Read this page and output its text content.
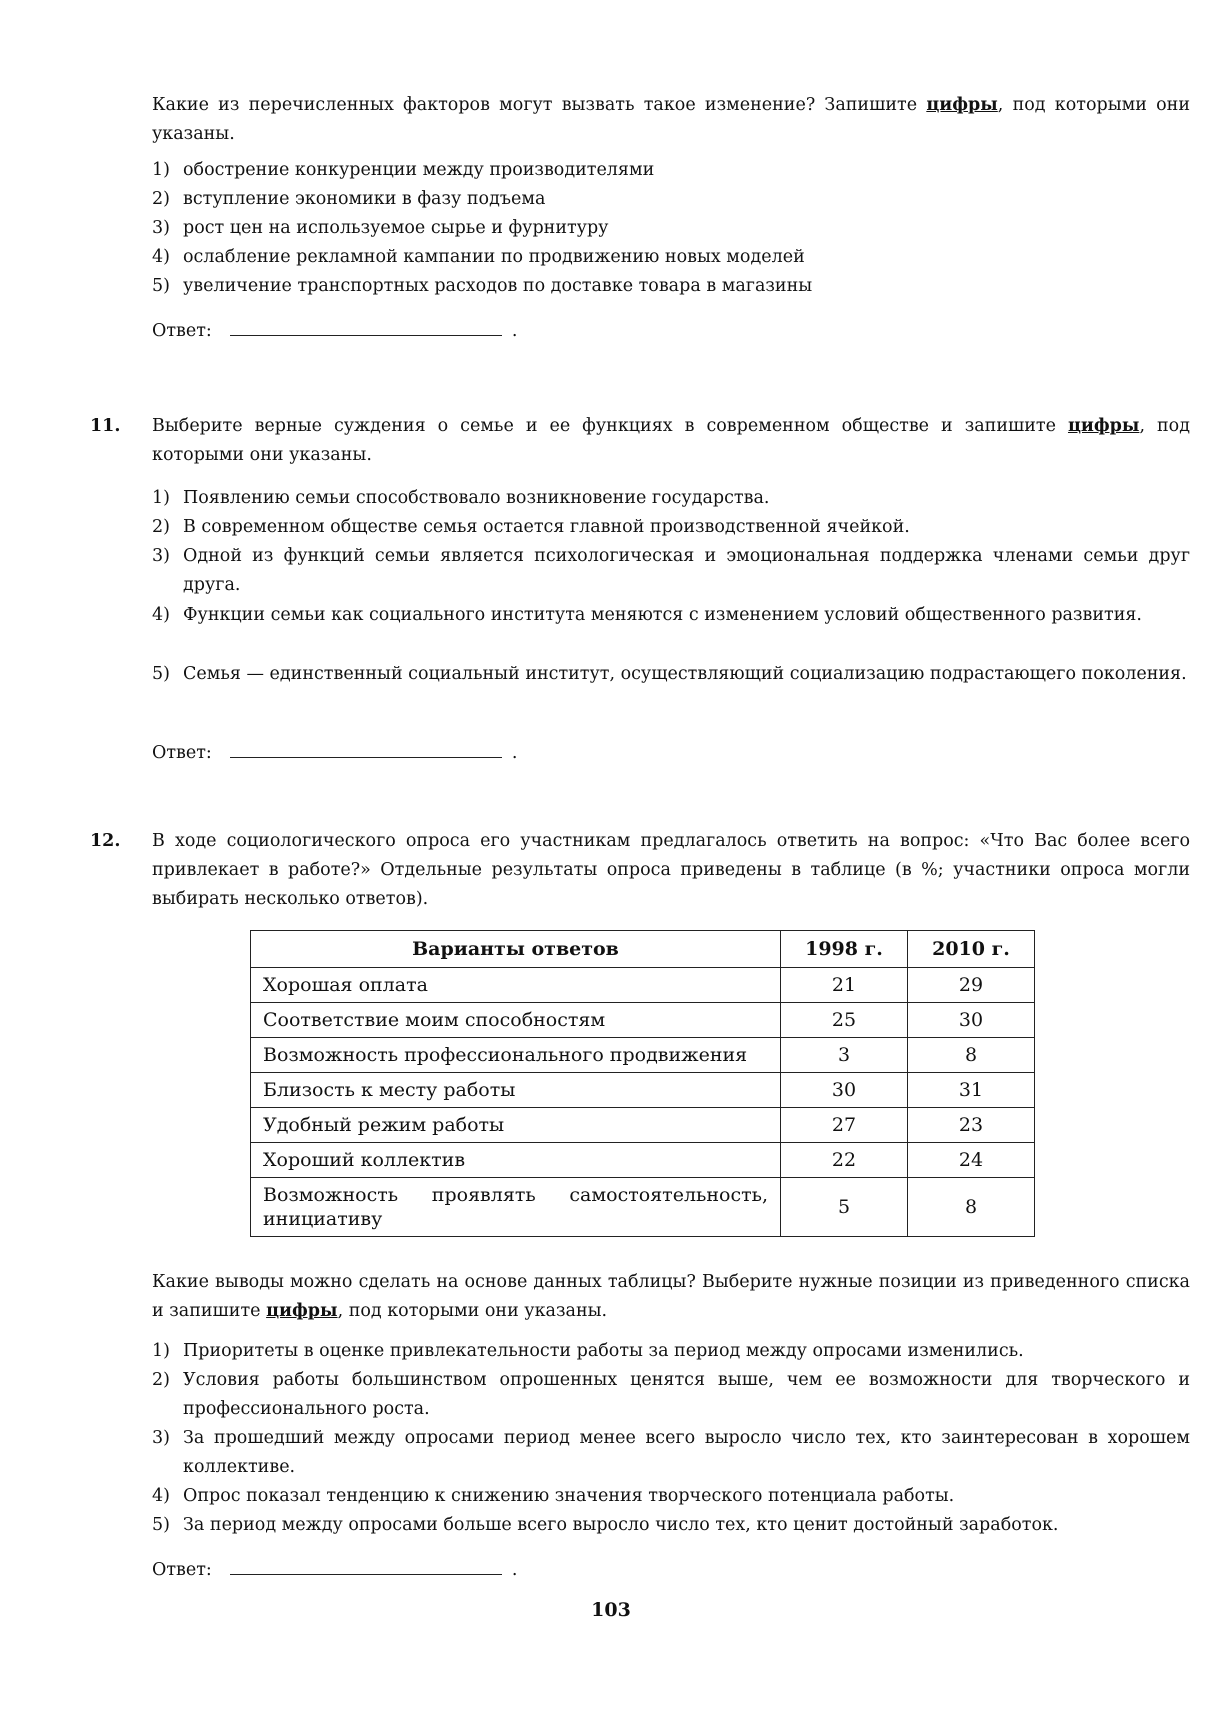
Какие из перечисленных факторов могут вызвать такое изменение? Запишите цифры, под которыми они указаны.
1) обострение конкуренции между производителями
2) вступление экономики в фазу подъема
3) рост цен на используемое сырье и фурнитуру
4) ослабление рекламной кампании по продвижению новых моделей
5) увеличение транспортных расходов по доставке товара в магазины
Ответ:	.
11. Выберите верные суждения о семье и ее функциях в современном обществе и запишите цифры, под которыми они указаны.
1) Появлению семьи способствовало возникновение государства.
2) В современном обществе семья остается главной производственной ячейкой.
3) Одной из функций семьи является психологическая и эмоциональная поддержка членами семьи друг друга.
4) Функции семьи как социального института меняются с изменением условий общественного развития.
5) Семья — единственный социальный институт, осуществляющий социализацию подрастающего поколения.
Ответ:	.
12. В ходе социологического опроса его участникам предлагалось ответить на вопрос: «Что Вас более всего привлекает в работе?» Отдельные результаты опроса приведены в таблице (в %; участники опроса могли выбирать несколько ответов).
Варианты ответов	1998 г.	2010 г.
Хорошая оплата	21	29
Соответствие моим способностям	25	30
Возможность профессионального продвижения	3	8
Близость к месту работы	30	31
Удобный режим работы	27	23
Хороший коллектив	22	24
Возможность проявлять самостоятельность, инициативу	5	8
Какие выводы можно сделать на основе данных таблицы? Выберите нужные позиции из приведенного списка и запишите цифры, под которыми они указаны.
1) Приоритеты в оценке привлекательности работы за период между опросами изменились.
2) Условия работы большинством опрошенных ценятся выше, чем ее возможности для творческого и профессионального роста.
3) За прошедший между опросами период менее всего выросло число тех, кто заинтересован в хорошем коллективе.
4) Опрос показал тенденцию к снижению значения творческого потенциала работы.
5) За период между опросами больше всего выросло число тех, кто ценит достойный заработок.
Ответ:	.
103
